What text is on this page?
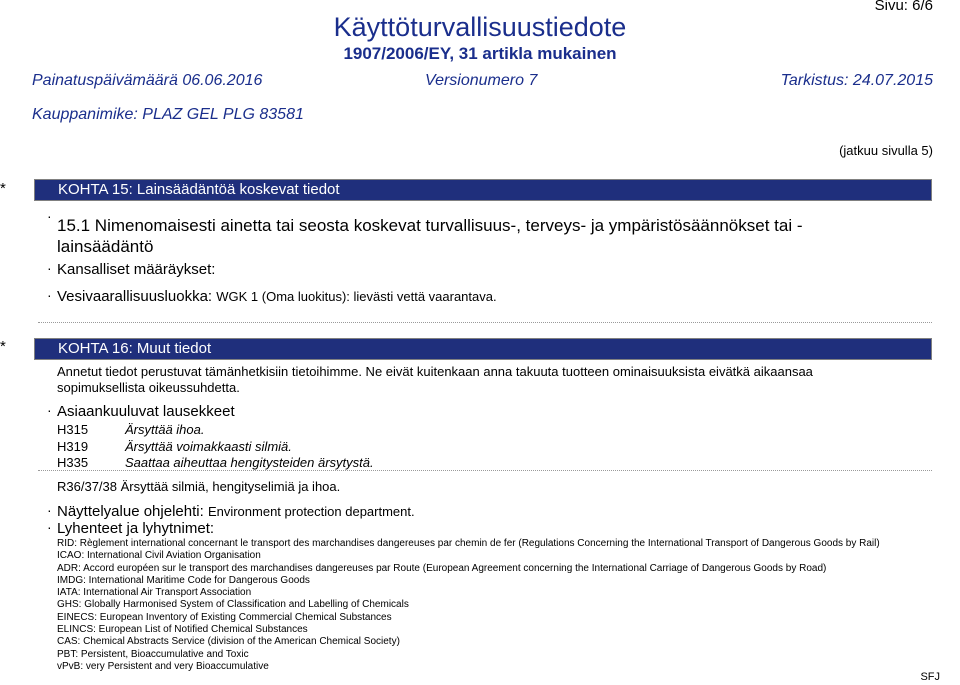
Sivu: 6/6
Käyttöturvallisuustiedote
1907/2006/EY, 31 artikla mukainen
Painatuspäivämäärä 06.06.2016	Versionumero 7	Tarkistus: 24.07.2015
Kauppanimike: PLAZ GEL PLG 83581
(jatkuu sivulla 5)
*	KOHTA 15: Lainsäädäntöä koskevat tiedot
· 15.1 Nimenomaisesti ainetta tai seosta koskevat turvallisuus-, terveys- ja ympäristösäännökset tai -
lainsäädäntö
· Kansalliset määräykset:
· Vesivaarallisuusluokka: WGK 1 (Oma luokitus): lievästi vettä vaarantava.
*	KOHTA 16: Muut tiedot
Annetut tiedot perustuvat tämänhetkisiin tietoihimme. Ne eivät kuitenkaan anna takuuta tuotteen ominaisuuksista eivätkä aikaansaa
sopimuksellista oikeussuhdetta.
· Asiaankuuluvat lausekkeet
H315	Ärsyttää ihoa.
H319	Ärsyttää voimakkaasti silmiä.
H335	Saattaa aiheuttaa hengitysteiden ärsytystä.
R36/37/38 Ärsyttää silmiä, hengityselimiä ja ihoa.
· Näyttelyalue ohjelehti: Environment protection department.
· Lyhenteet ja lyhytnimet:
RID: Règlement international concernant le transport des marchandises dangereuses par chemin de fer (Regulations Concerning the International Transport of Dangerous Goods by Rail)
ICAO: International Civil Aviation Organisation
ADR: Accord européen sur le transport des marchandises dangereuses par Route (European Agreement concerning the International Carriage of Dangerous Goods by Road)
IMDG: International Maritime Code for Dangerous Goods
IATA: International Air Transport Association
GHS: Globally Harmonised System of Classification and Labelling of Chemicals
EINECS: European Inventory of Existing Commercial Chemical Substances
ELINCS: European List of Notified Chemical Substances
CAS: Chemical Abstracts Service (division of the American Chemical Society)
PBT: Persistent, Bioaccumulative and Toxic
vPvB: very Persistent and very Bioaccumulative
SFJ
